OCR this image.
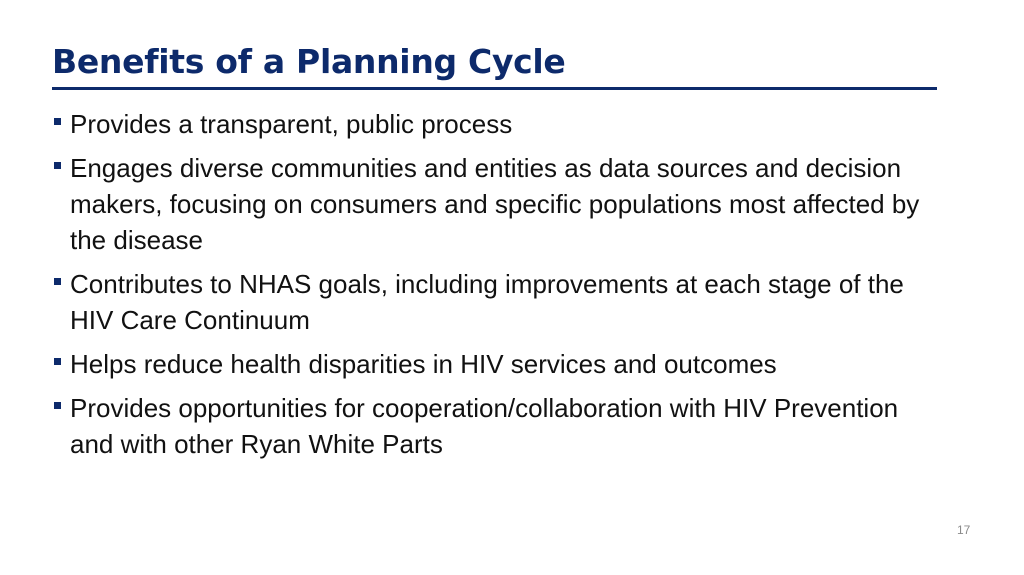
Benefits of a Planning Cycle
Provides a transparent, public process
Engages diverse communities and entities as data sources and decision makers, focusing on consumers and specific populations most affected by the disease
Contributes to NHAS goals, including improvements at each stage of the HIV Care Continuum
Helps reduce health disparities in HIV services and outcomes
Provides opportunities for cooperation/collaboration with HIV Prevention and with other Ryan White Parts
17
